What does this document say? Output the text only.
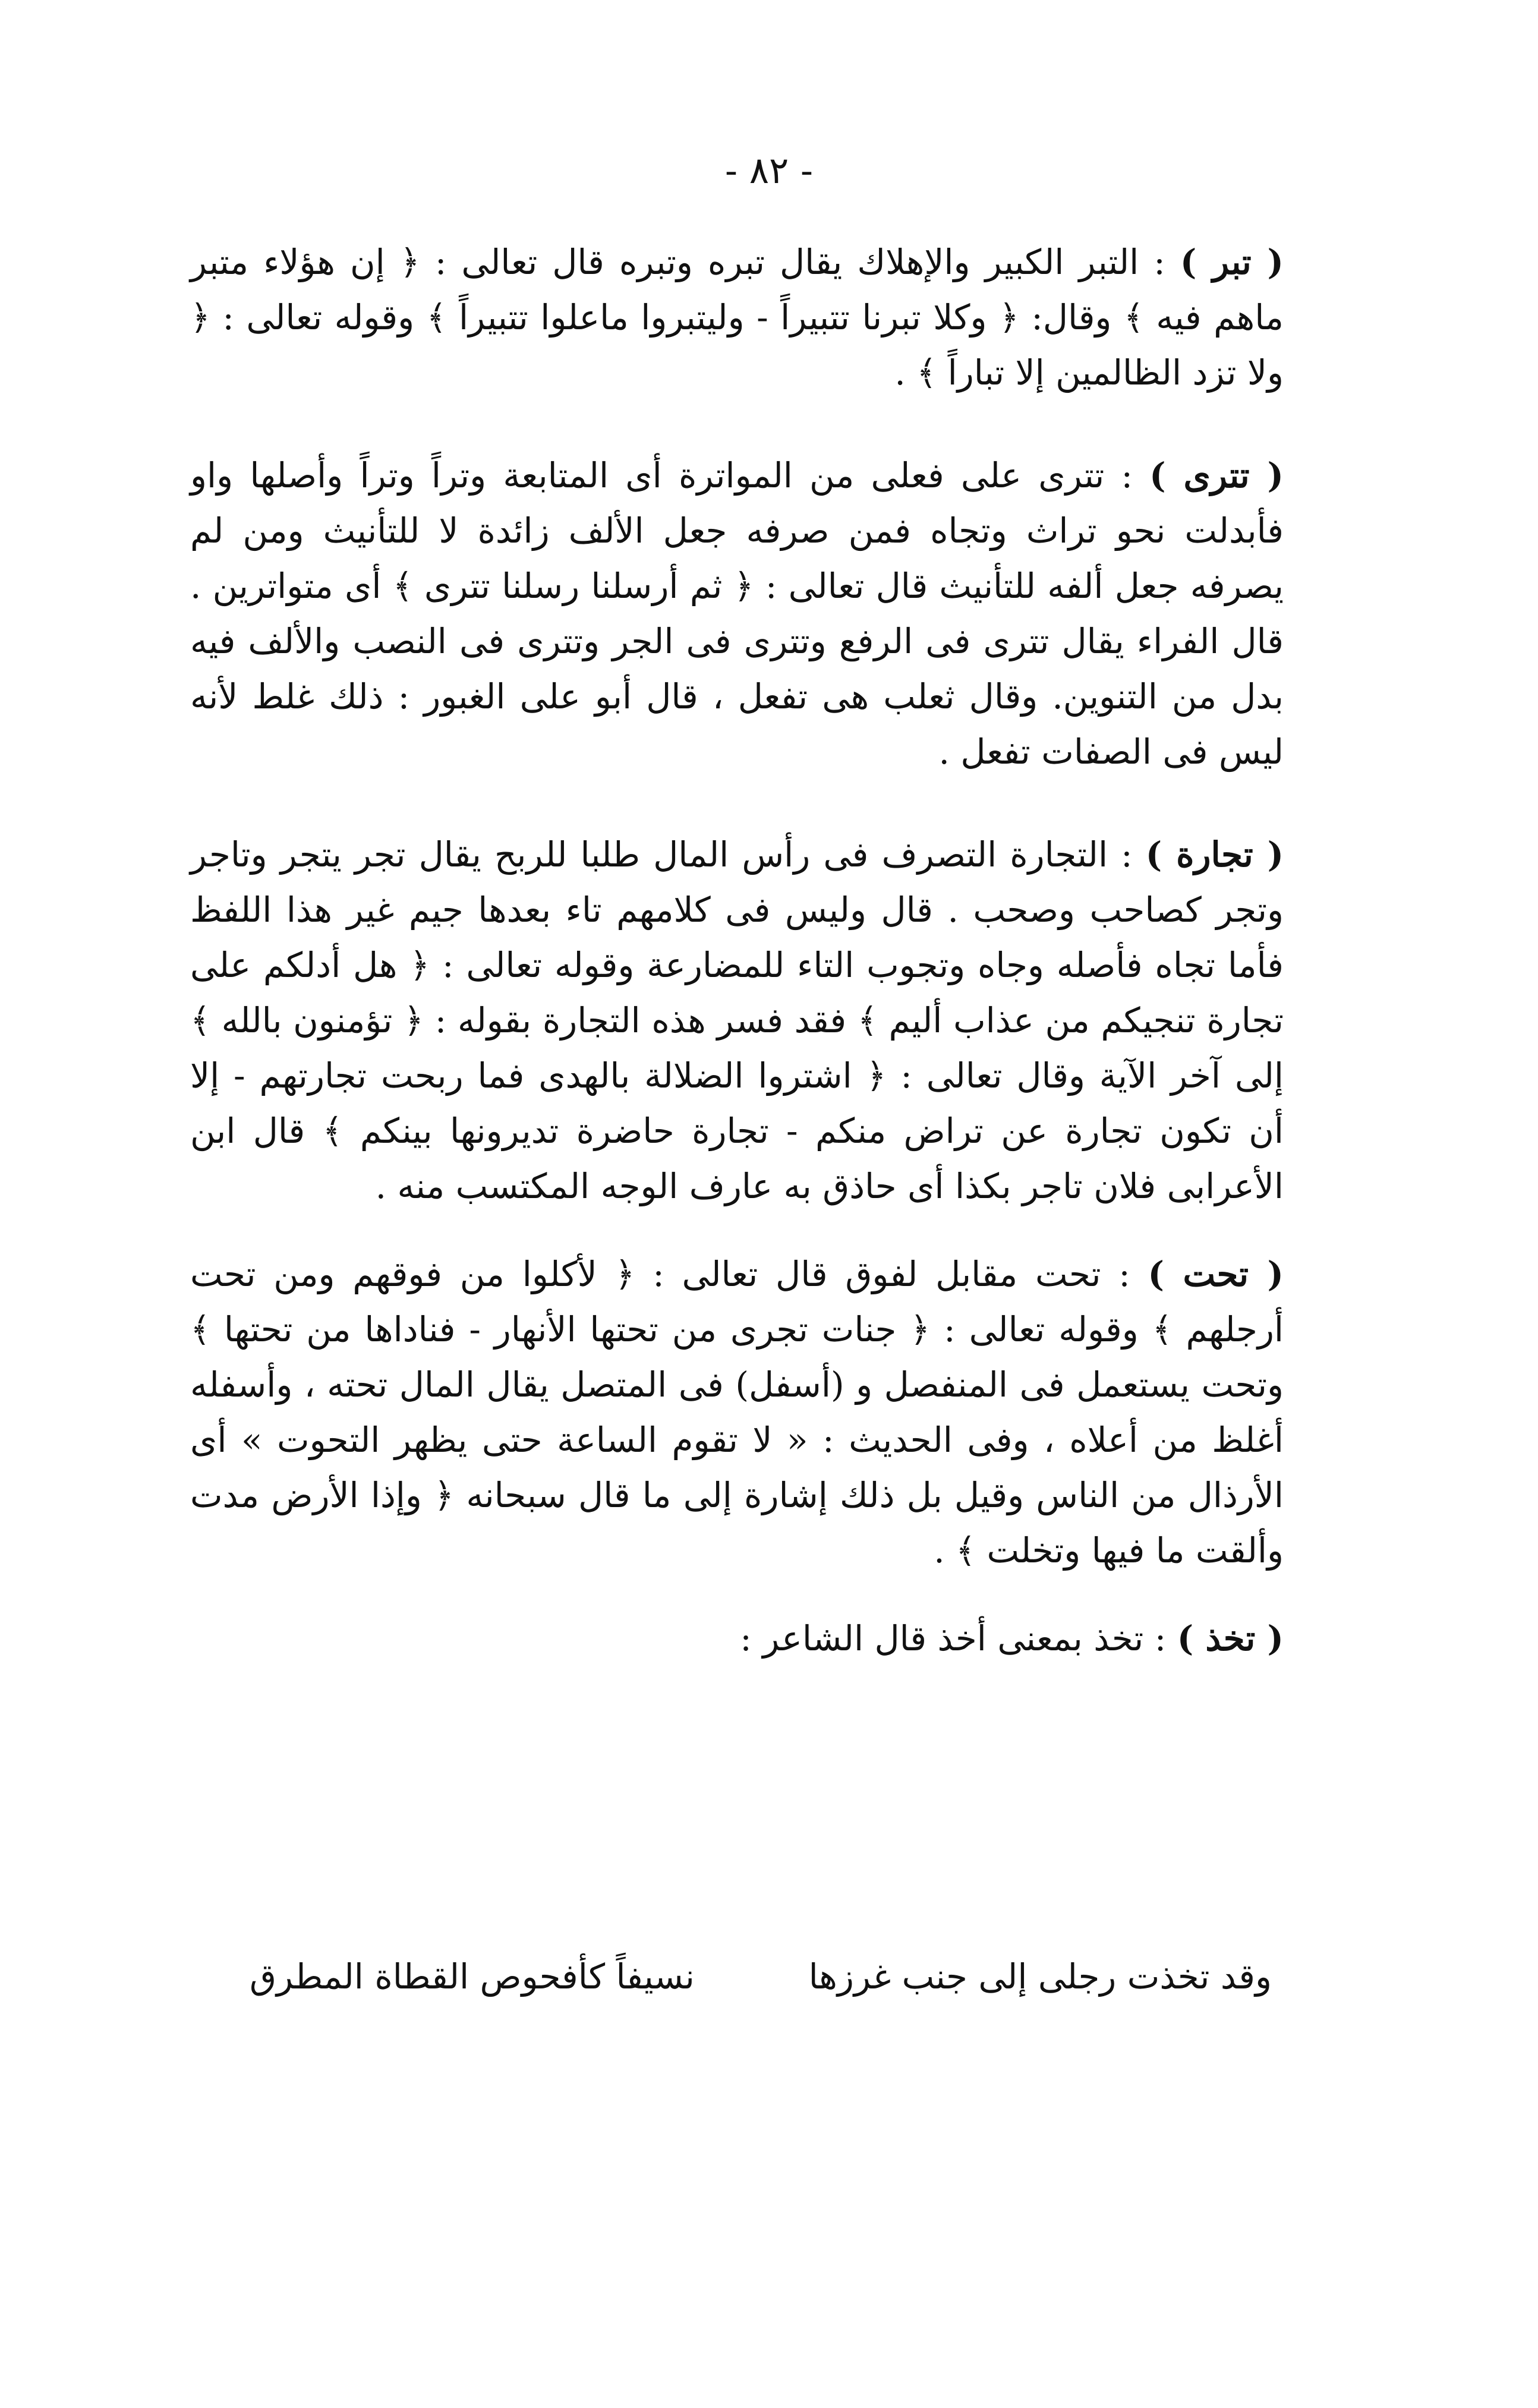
- ٨٢ -

( تبر ) : التبر الكبير والإهلاك يقال تبره وتبره قال تعالى : ﴿ إن هؤلاء متبر ماهم فيه ﴾ وقال: ﴿ وكلا تبرنا تتبيراً - وليتبروا ماعلوا تتبيراً ﴾ وقوله تعالى : ﴿ ولا تزد الظالمين إلا تباراً ﴾ .

( تترى ) : تترى على فعلى من المواترة أى المتابعة وتراً وتراً وأصلها واو فأبدلت نحو تراث وتجاه فمن صرفه جعل الألف زائدة لا للتأنيث ومن لم يصرفه جعل ألفه للتأنيث قال تعالى : ﴿ ثم أرسلنا رسلنا تترى ﴾ أى متواترين . قال الفراء يقال تترى فى الرفع وتترى فى الجر وتترى فى النصب والألف فيه بدل من التنوين. وقال ثعلب هى تفعل ، قال أبو على الغبور : ذلك غلط لأنه ليس فى الصفات تفعل .

( تجارة ) : التجارة التصرف فى رأس المال طلبا للربح يقال تجر يتجر وتاجر وتجر كصاحب وصحب . قال وليس فى كلامهم تاء بعدها جيم غير هذا اللفظ فأما تجاه فأصله وجاه وتجوب التاء للمضارعة وقوله تعالى : ﴿ هل أدلكم على تجارة تنجيكم من عذاب أليم ﴾ فقد فسر هذه التجارة بقوله : ﴿ تؤمنون بالله ﴾ إلى آخر الآية وقال تعالى : ﴿ اشتروا الضلالة بالهدى فما ربحت تجارتهم - إلا أن تكون تجارة عن تراض منكم - تجارة حاضرة تديرونها بينكم ﴾ قال ابن الأعرابى فلان تاجر بكذا أى حاذق به عارف الوجه المكتسب منه .

( تحت ) : تحت مقابل لفوق قال تعالى : ﴿ لأكلوا من فوقهم ومن تحت أرجلهم ﴾ وقوله تعالى : ﴿ جنات تجرى من تحتها الأنهار - فناداها من تحتها ﴾ وتحت يستعمل فى المنفصل و (أسفل) فى المتصل يقال المال تحته ، وأسفله أغلظ من أعلاه ، وفى الحديث : « لا تقوم الساعة حتى يظهر التحوت » أى الأرذال من الناس وقيل بل ذلك إشارة إلى ما قال سبحانه ﴿ وإذا الأرض مدت وألقت ما فيها وتخلت ﴾ .

( تخذ ) : تخذ بمعنى أخذ قال الشاعر :

وقد تخذت رجلى إلى جنب غرزها
نسيفاً كأفحوص القطاة المطرق
